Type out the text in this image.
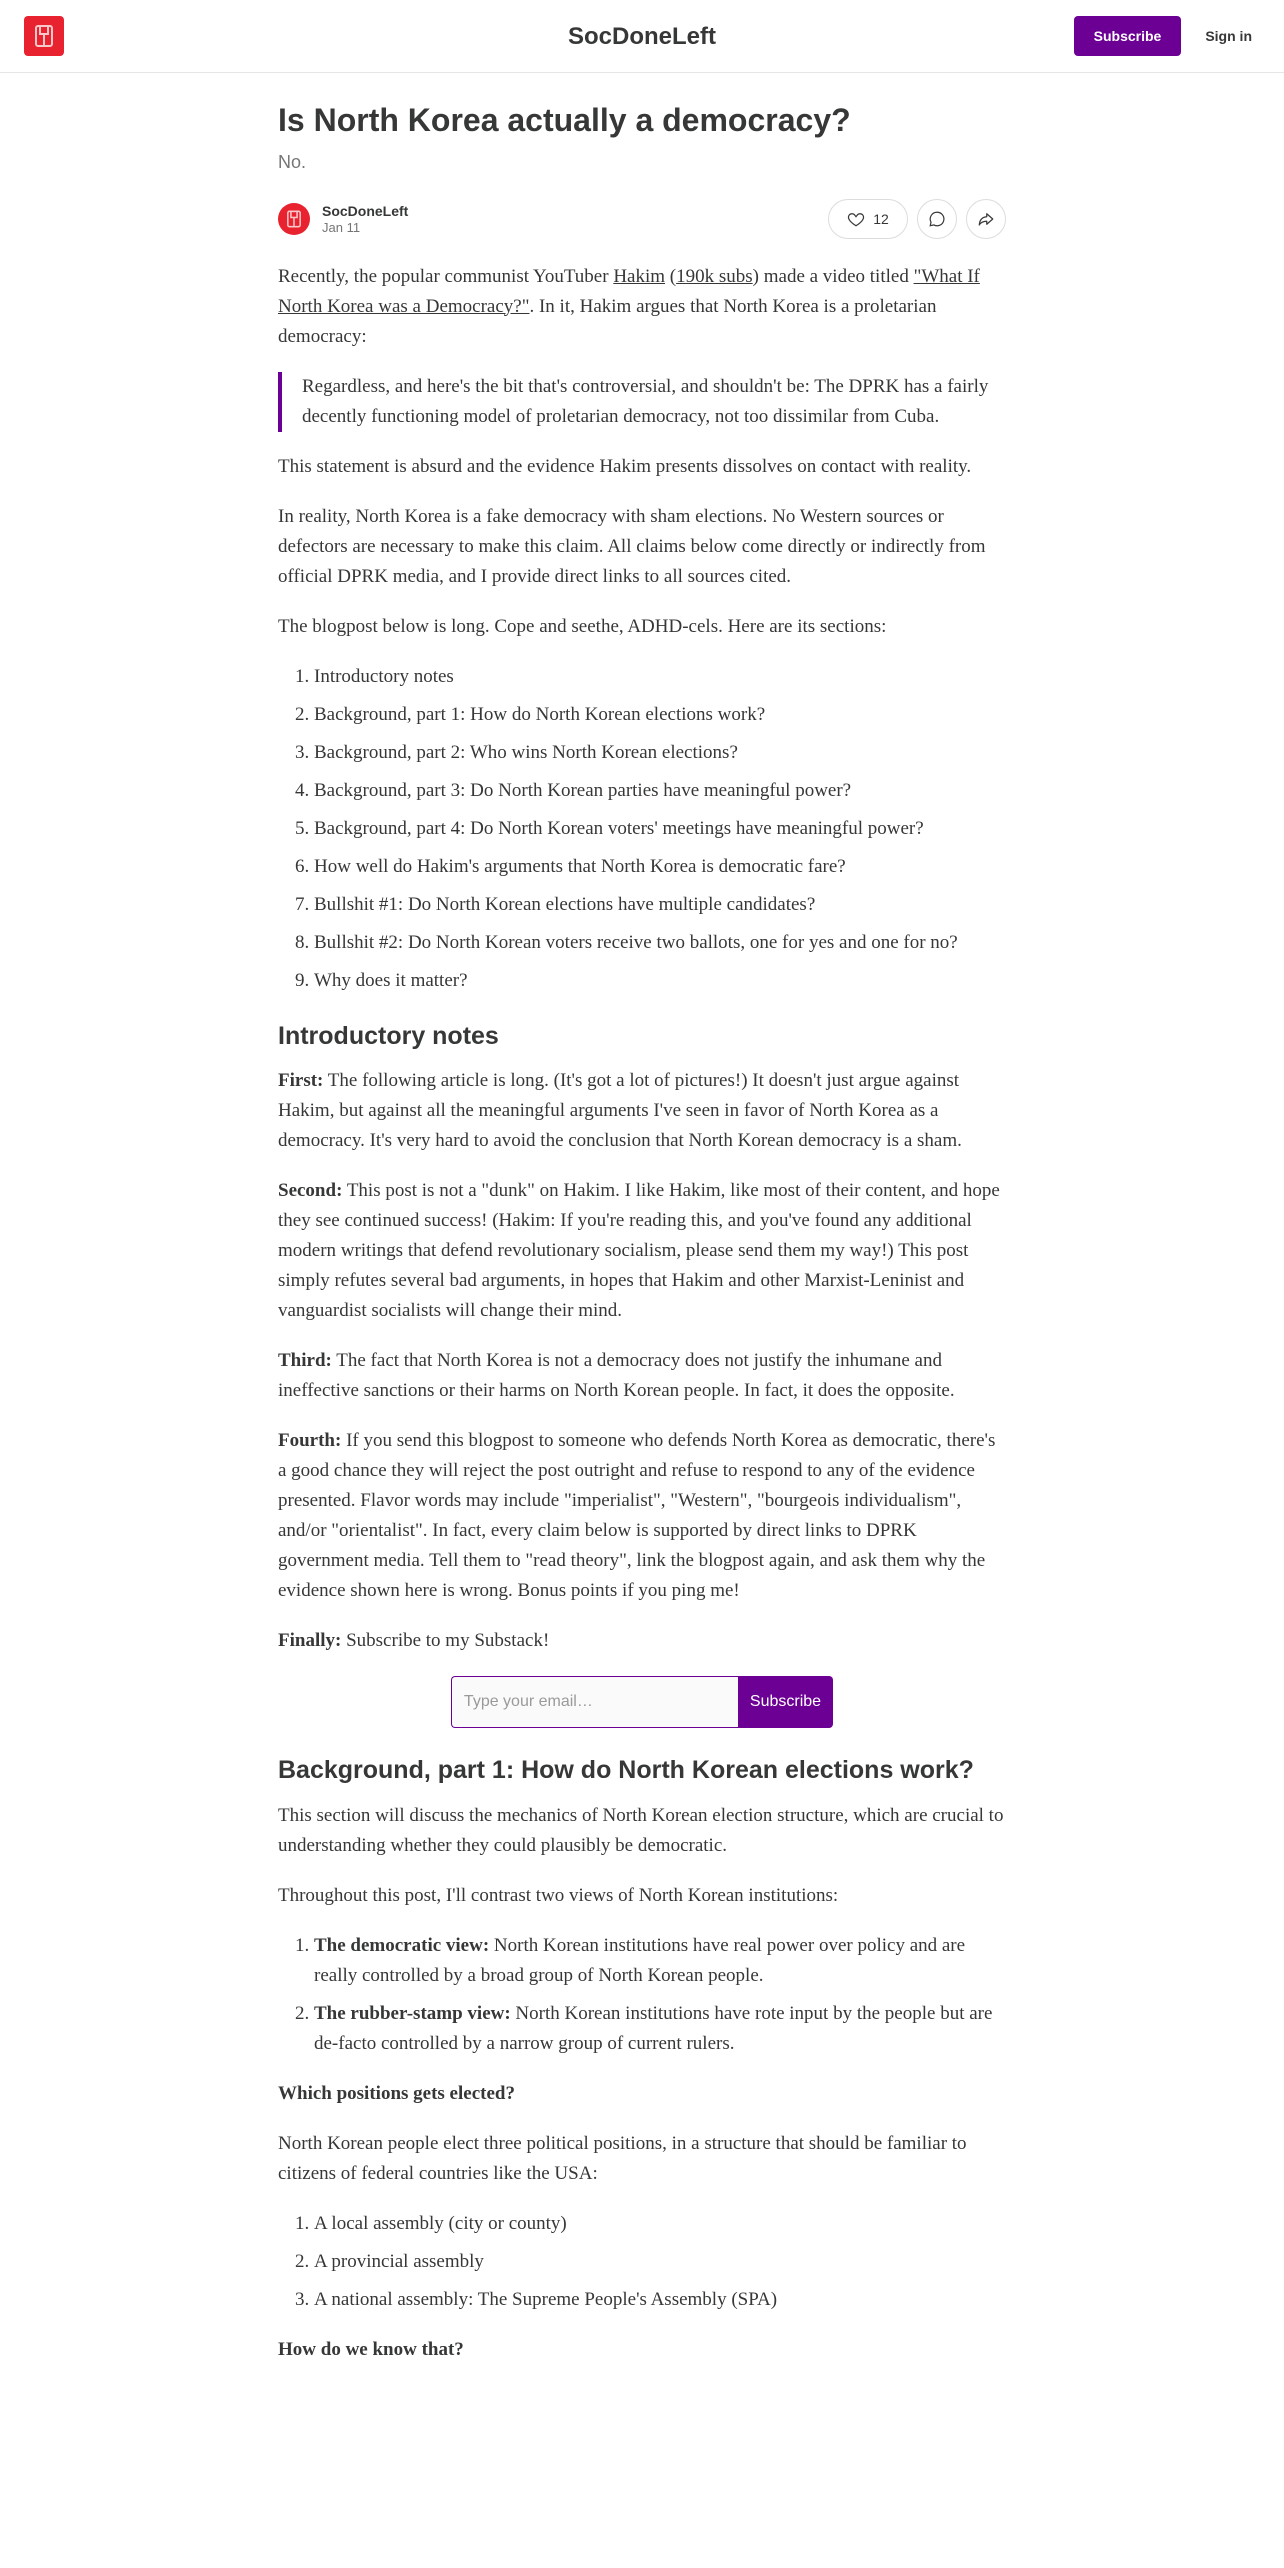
Subscribe	Sign in
SocDoneLeft
Is North Korea actually a democracy?
No.
SocDoneLeft
Jan 11
12

Recently, the popular communist YouTuber Hakim (190k subs) made a video titled "What If North Korea was a Democracy?". In it, Hakim argues that North Korea is a proletarian democracy:

Regardless, and here's the bit that's controversial, and shouldn't be: The DPRK has a fairly decently functioning model of proletarian democracy, not too dissimilar from Cuba.

This statement is absurd and the evidence Hakim presents dissolves on contact with reality.

In reality, North Korea is a fake democracy with sham elections. No Western sources or defectors are necessary to make this claim. All claims below come directly or indirectly from official DPRK media, and I provide direct links to all sources cited.

The blogpost below is long. Cope and seethe, ADHD-cels. Here are its sections:

1. Introductory notes
2. Background, part 1: How do North Korean elections work?
3. Background, part 2: Who wins North Korean elections?
4. Background, part 3: Do North Korean parties have meaningful power?
5. Background, part 4: Do North Korean voters' meetings have meaningful power?
6. How well do Hakim's arguments that North Korea is democratic fare?
7. Bullshit #1: Do North Korean elections have multiple candidates?
8. Bullshit #2: Do North Korean voters receive two ballots, one for yes and one for no?
9. Why does it matter?
Introductory notes

First: The following article is long. (It's got a lot of pictures!) It doesn't just argue against Hakim, but against all the meaningful arguments I've seen in favor of North Korea as a democracy. It's very hard to avoid the conclusion that North Korean democracy is a sham.

Second: This post is not a "dunk" on Hakim. I like Hakim, like most of their content, and hope they see continued success! (Hakim: If you're reading this, and you've found any additional modern writings that defend revolutionary socialism, please send them my way!) This post simply refutes several bad arguments, in hopes that Hakim and other Marxist-Leninist and vanguardist socialists will change their mind.

Third: The fact that North Korea is not a democracy does not justify the inhumane and ineffective sanctions or their harms on North Korean people. In fact, it does the opposite.

Fourth: If you send this blogpost to someone who defends North Korea as democratic, there's a good chance they will reject the post outright and refuse to respond to any of the evidence presented. Flavor words may include "imperialist", "Western", "bourgeois individualism", and/or "orientalist". In fact, every claim below is supported by direct links to DPRK government media. Tell them to "read theory", link the blogpost again, and ask them why the evidence shown here is wrong. Bonus points if you ping me!

Finally: Subscribe to my Substack!

Type your email…
Subscribe
Background, part 1: How do North Korean elections work?

This section will discuss the mechanics of North Korean election structure, which are crucial to understanding whether they could plausibly be democratic.

Throughout this post, I'll contrast two views of North Korean institutions:

1. The democratic view: North Korean institutions have real power over policy and are really controlled by a broad group of North Korean people.
2. The rubber-stamp view: North Korean institutions have rote input by the people but are de-facto controlled by a narrow group of current rulers.
Which positions gets elected?

North Korean people elect three political positions, in a structure that should be familiar to citizens of federal countries like the USA:

1. A local assembly (city or county)
2. A provincial assembly
3. A national assembly: The Supreme People's Assembly (SPA)
How do we know that?
